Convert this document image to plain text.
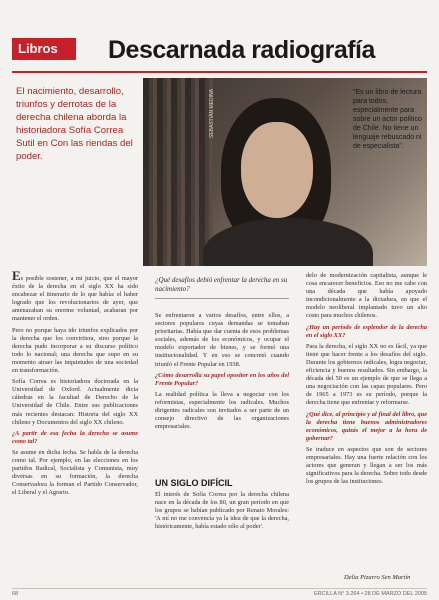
Libros	Descarnada radiografía
El nacimiento, desarrollo, triunfos y derrotas de la derecha chilena aborda la historiadora Sofía Correa Sutil en Con las riendas del poder.
SEBASTIÁN MEDINA	"Es un libro de lectura para todos, especialmente para sobre un actor político de Chile. No tiene un lenguaje rebuscado ni de especialista".

Es posible sostener, a mi juicio, que el mayor éxito de la derecha en el siglo XX ha sido encabezar el itinerario de lo que había: el haber logrado que los revolucionarios de ayer, que amenazaban su enorme voluntad, acabaran por mantener el orden.

Pero no porque haya ido triunfos explicados por la derecha que los convirtiera, sino porque la derecha pudo incorporar a su discurso político todo lo nacional; una derecha que supo en su momento atraer las inquietudes de una sociedad en transformación.

Sofía Correa es historiadora doctorada en la Universidad de Oxford. Actualmente dicta cátedras en la facultad de Derecho de la Universidad de Chile. Entre sus publicaciones más recientes destacan: Historia del siglo XX chileno y Documentos del siglo XX chileno.

¿A partir de esa fecha la derecha se asume como tal?

Se asume en dicha fecha. Se habla de la derecha como tal. Por ejemplo, en las elecciones en los partidos Radical, Socialista y Comunista, muy diversas en su formación, la derecha Conservadora la forman el Partido Conservador, el Liberal y el Agrario.

¿Qué desafíos debió enfrentar la derecha en su nacimiento?

Se enfrentaron a varios desafíos, entre ellos, a sectores populares cuyas demandas se tomaban prioritarias. Había que dar cuenta de esos problemas sociales, además de los económicos, y ocupar el modelo exportador de bienes, y se formó una institucionalidad. Y en eso se concretó cuando triunfó el Frente Popular en 1938.

¿Cómo desarrolla su papel opositor en los años del Frente Popular?

La realidad política la lleva a negociar con los reformistas, especialmente los radicales. Muchos dirigentes radicales son invitados a ser parte de un consejo directivo de las organizaciones empresariales.

UN SIGLO DIFÍCIL

El interés de Sofía Correa por la derecha chilena nace en la década de los 80, un gran período en que los grupos se habían publicado por Renato Morales: 'A mí no me convencía ya la idea de que la derecha, históricamente, había estado sólo al poder'.

delo de modernización capitalista, aunque le cosa encarecer beneficios. Eso no me cabe con una década que había apoyado incondicionalmente a la dictadura, en que el modelo neoliberal implantado tuvo un alto costo para muchos chilenos.

¿Hay un período de esplendor de la derecha en el siglo XX?

Para la derecha, el siglo XX no es fácil, ya que tiene que hacer frente a los desafíos del siglo. Durante los gobiernos radicales, logra negociar, eficiencia y buenos resultados. Sin embargo, la década del 50 es un ejemplo de que se llega a una negociación con las capas populares. Pero de 1965 a 1973 es su período, porque la derecha tiene que enfrentar y reformarse.

¿Qué dice, al principio y al final del libro, que la derecha tiene buenos administradores económicos, quizás el mejor a la hora de gobernar?

Se traduce en aspectos que son de sectores empresariales. Hay una fuerte relación con los actores que generan y llegan a ser los más significativos para la derecha. Sobre todo desde los grupos de las instituciones.

Delia Pizarro Sen Martín
68	ERCILLA N° 3.264 • 28 DE MARZO DEL 2005
